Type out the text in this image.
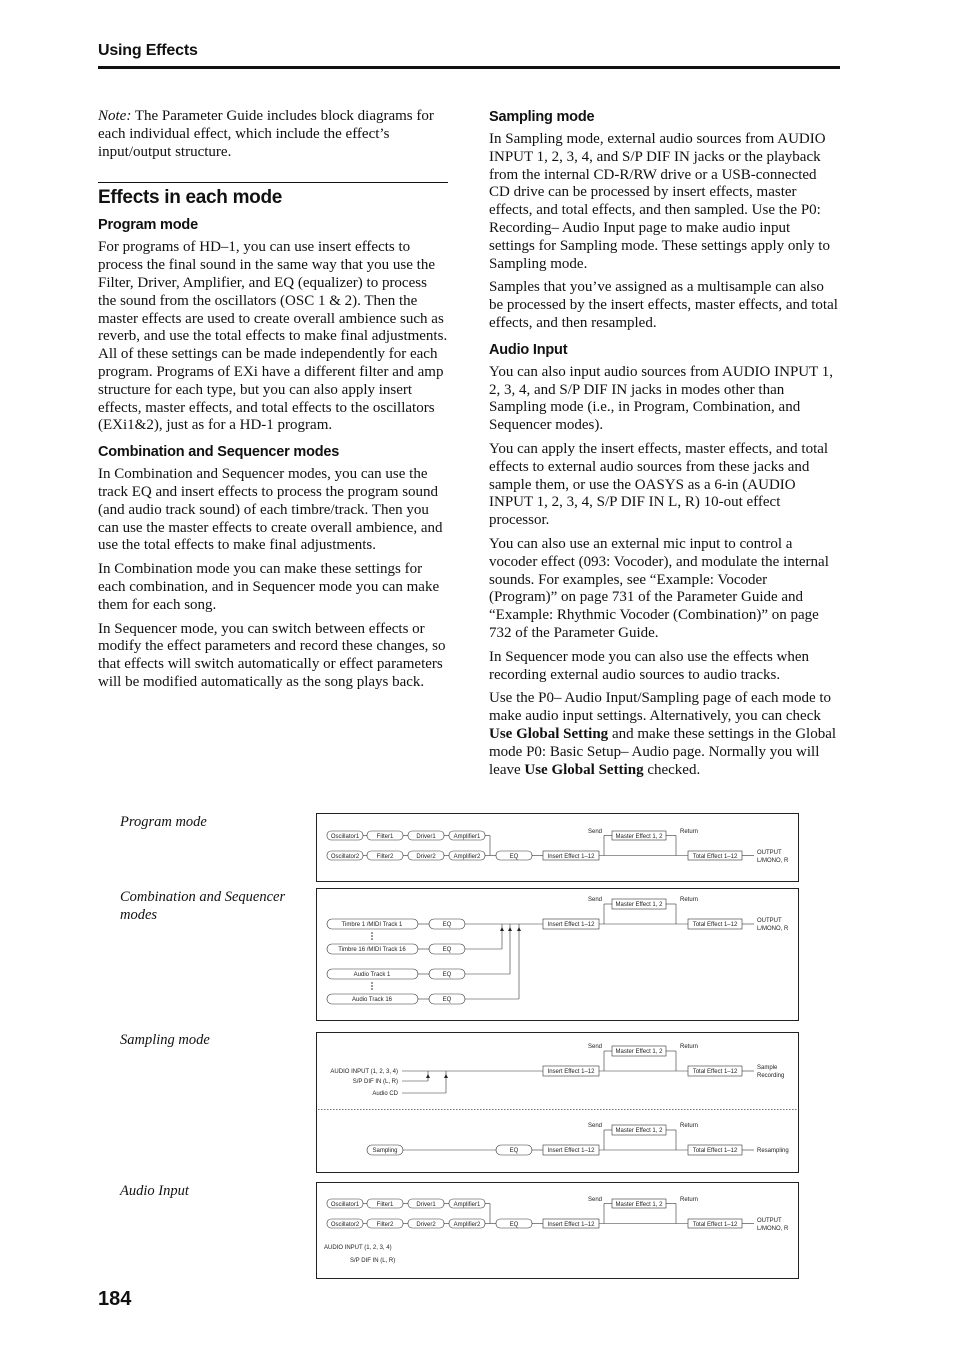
Using Effects

Note: The Parameter Guide includes block diagrams for each individual effect, which include the effect’s input/output structure.

Effects in each mode
Program mode

For programs of HD–1, you can use insert effects to process the final sound in the same way that you use the Filter, Driver, Amplifier, and EQ (equalizer) to process the sound from the oscillators (OSC 1 & 2). Then the master effects are used to create overall ambience such as reverb, and use the total effects to make final adjustments. All of these settings can be made independently for each program. Programs of EXi have a different filter and amp structure for each type, but you can also apply insert effects, master effects, and total effects to the oscillators (EXi1&2), just as for a HD-1 program.

Combination and Sequencer modes

In Combination and Sequencer modes, you can use the track EQ and insert effects to process the program sound (and audio track sound) of each timbre/track. Then you can use the master effects to create overall ambience, and use the total effects to make final adjustments.

In Combination mode you can make these settings for each combination, and in Sequencer mode you can make them for each song.

In Sequencer mode, you can switch between effects or modify the effect parameters and record these changes, so that effects will switch automatically or effect parameters will be modified automatically as the song plays back.

Sampling mode

In Sampling mode, external audio sources from AUDIO INPUT 1, 2, 3, 4, and S/P DIF IN jacks or the playback from the internal CD-R/RW drive or a USB-connected CD drive can be processed by insert effects, master effects, and total effects, and then sampled. Use the P0: Recording– Audio Input page to make audio input settings for Sampling mode. These settings apply only to Sampling mode.

Samples that you’ve assigned as a multisample can also be processed by the insert effects, master effects, and total effects, and then resampled.

Audio Input

You can also input audio sources from AUDIO INPUT 1, 2, 3, 4, and S/P DIF IN jacks in modes other than Sampling mode (i.e., in Program, Combination, and Sequencer modes).

You can apply the insert effects, master effects, and total effects to external audio sources from these jacks and sample them, or use the OASYS as a 6-in (AUDIO INPUT 1, 2, 3, 4, S/P DIF IN L, R) 10-out effect processor.

You can also use an external mic input to control a vocoder effect (093: Vocoder), and modulate the internal sounds. For examples, see “Example: Vocoder (Program)” on page 731 of the Parameter Guide and “Example: Rhythmic Vocoder (Combination)” on page 732 of the Parameter Guide.

In Sequencer mode you can also use the effects when recording external audio sources to audio tracks.

Use the P0– Audio Input/Sampling page of each mode to make audio input settings. Alternatively, you can check Use Global Setting and make these settings in the Global mode P0: Basic Setup– Audio page. Normally you will leave Use Global Setting checked.

Program mode
Combination and Sequencer modes
Sampling mode
Audio Input
Oscillator1	Filter1	Driver1	Amplifier1
Oscillator2	Filter2	Driver2	Amplifier2	EQ	Insert Effect 1–12
Master Effect 1, 2
Total Effect 1–12
Send	Return
OUTPUT
L/MONO, R
Timbre 1 /MIDI Track 1
Timbre 16 /MIDI Track 16
Audio Track 1
Audio Track 16
EQ
EQ
EQ
EQ
Insert Effect 1–12
Master Effect 1, 2
Total Effect 1–12
Send	Return
OUTPUT
L/MONO, R
AUDIO INPUT (1, 2, 3, 4)
S/P DIF IN (L, R)
Audio CD
Insert Effect 1–12
Master Effect 1, 2
Total Effect 1–12
Send	Return
Sample
Recording
Sampling	EQ	Insert Effect 1–12
Master Effect 1, 2
Total Effect 1–12
Send	Return
Resampling
Oscillator1	Filter1	Driver1	Amplifier1
Oscillator2	Filter2	Driver2	Amplifier2	EQ	Insert Effect 1–12
Master Effect 1, 2
Total Effect 1–12
Send	Return
OUTPUT
L/MONO, R
AUDIO INPUT (1, 2, 3, 4)
S/P DIF IN (L, R)
184
